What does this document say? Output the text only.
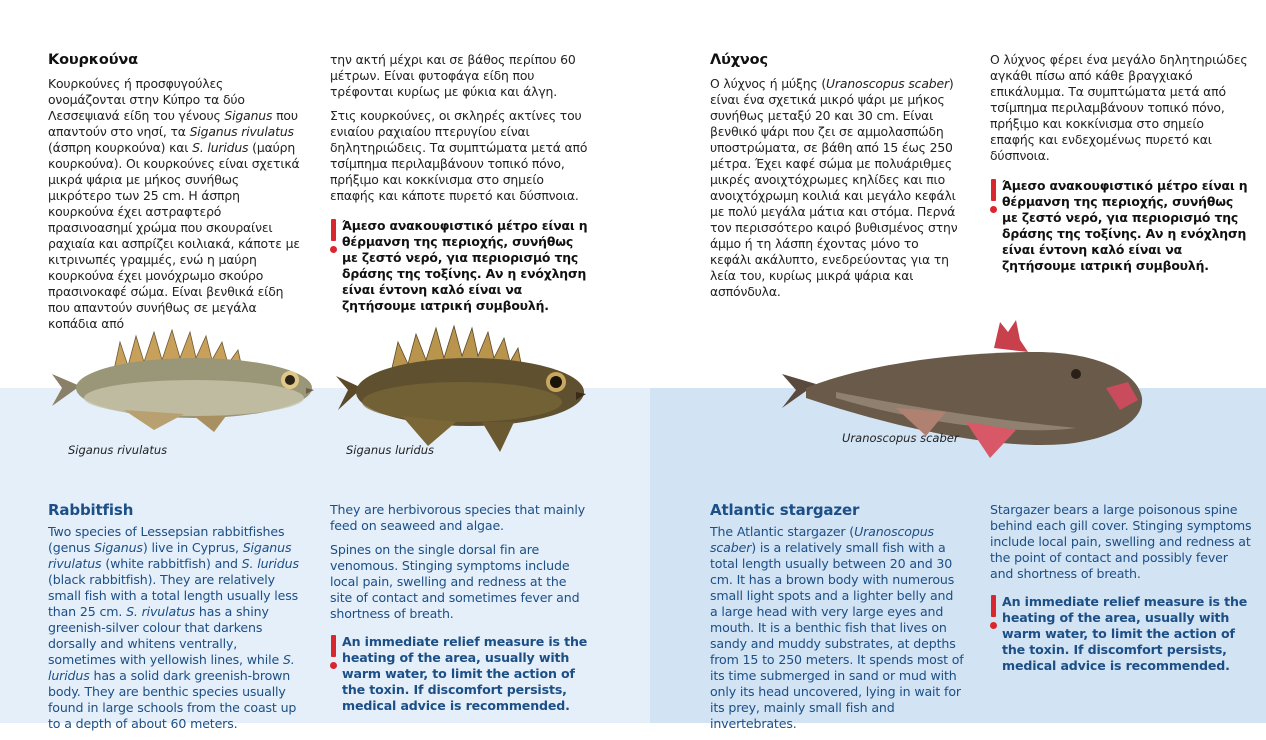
Κουρκούνα

Κουρκούνες ή προσφυγούλες ονομάζονται στην Κύπρο τα δύο Λεσσεψιανά είδη του γένους Siganus που απαντούν στο νησί, τα Siganus rivulatus (άσπρη κουρκούνα) και S. luridus (μαύρη κουρκούνα). Οι κουρκούνες είναι σχετικά μικρά ψάρια με μήκος συνήθως μικρότερο των 25 cm. Η άσπρη κουρκούνα έχει αστραφτερό πρασινοασημί χρώμα που σκουραίνει ραχιαία και ασπρίζει κοιλιακά, κάποτε με κιτρινωπές γραμμές, ενώ η μαύρη κουρκούνα έχει μονόχρωμο σκούρο πρασινοκαφέ σώμα. Είναι βενθικά είδη που απαντούν συνήθως σε μεγάλα κοπάδια από

την ακτή μέχρι και σε βάθος περίπου 60 μέτρων. Είναι φυτοφάγα είδη που τρέφονται κυρίως με φύκια και άλγη.

Στις κουρκούνες, οι σκληρές ακτίνες του ενιαίου ραχιαίου πτερυγίου είναι δηλητηριώδεις. Τα συμπτώματα μετά από τσίμπημα περιλαμβάνουν τοπικό πόνο, πρήξιμο και κοκκίνισμα στο σημείο επαφής και κάποτε πυρετό και δύσπνοια.

Άμεσο ανακουφιστικό μέτρο είναι η θέρμανση της περιοχής, συνήθως με ζεστό νερό, για περιορισμό της δράσης της τοξίνης. Αν η ενόχληση είναι έντονη καλό είναι να ζητήσουμε ιατρική συμβουλή.
Λύχνος

Ο λύχνος ή μύξης (Uranoscopus scaber) είναι ένα σχετικά μικρό ψάρι με μήκος συνήθως μεταξύ 20 και 30 cm. Είναι βενθικό ψάρι που ζει σε αμμολασπώδη υποστρώματα, σε βάθη από 15 έως 250 μέτρα. Έχει καφέ σώμα με πολυάριθμες μικρές ανοιχτόχρωμες κηλίδες και πιο ανοιχτόχρωμη κοιλιά και μεγάλο κεφάλι με πολύ μεγάλα μάτια και στόμα. Περνά τον περισσότερο καιρό βυθισμένος στην άμμο ή τη λάσπη έχοντας μόνο το κεφάλι ακάλυπτο, ενεδρεύοντας για τη λεία του, κυρίως μικρά ψάρια και ασπόνδυλα.

Ο λύχνος φέρει ένα μεγάλο δηλητηριώδες αγκάθι πίσω από κάθε βραγχιακό επικάλυμμα. Τα συμπτώματα μετά από τσίμπημα περιλαμβάνουν τοπικό πόνο, πρήξιμο και κοκκίνισμα στο σημείο επαφής και ενδεχομένως πυρετό και δύσπνοια.

Άμεσο ανακουφιστικό μέτρο είναι η θέρμανση της περιοχής, συνήθως με ζεστό νερό, για περιορισμό της δράσης της τοξίνης. Αν η ενόχληση είναι έντονη καλό είναι να ζητήσουμε ιατρική συμβουλή.
Siganus rivulatus	Siganus luridus
Uranoscopus scaber
Rabbitfish

Two species of Lessepsian rabbitfishes (genus Siganus) live in Cyprus, Siganus rivulatus (white rabbitfish) and S. luridus (black rabbitfish). They are relatively small fish with a total length usually less than 25 cm. S. rivulatus has a shiny greenish-silver colour that darkens dorsally and whitens ventrally, sometimes with yellowish lines, while S. luridus has a solid dark greenish-brown body. They are benthic species usually found in large schools from the coast up to a depth of about 60 meters.

They are herbivorous species that mainly feed on seaweed and algae.

Spines on the single dorsal fin are venomous. Stinging symptoms include local pain, swelling and redness at the site of contact and sometimes fever and shortness of breath.

An immediate relief measure is the heating of the area, usually with warm water, to limit the action of the toxin. If discomfort persists, medical advice is recommended.
Atlantic stargazer

The Atlantic stargazer (Uranoscopus scaber) is a relatively small fish with a total length usually between 20 and 30 cm. It has a brown body with numerous small light spots and a lighter belly and a large head with very large eyes and mouth. It is a benthic fish that lives on sandy and muddy substrates, at depths from 15 to 250 meters. It spends most of its time submerged in sand or mud with only its head uncovered, lying in wait for its prey, mainly small fish and invertebrates.

Stargazer bears a large poisonous spine behind each gill cover. Stinging symptoms include local pain, swelling and redness at the point of contact and possibly fever and shortness of breath.

An immediate relief measure is the heating of the area, usually with warm water, to limit the action of the toxin. If discomfort persists, medical advice is recommended.
